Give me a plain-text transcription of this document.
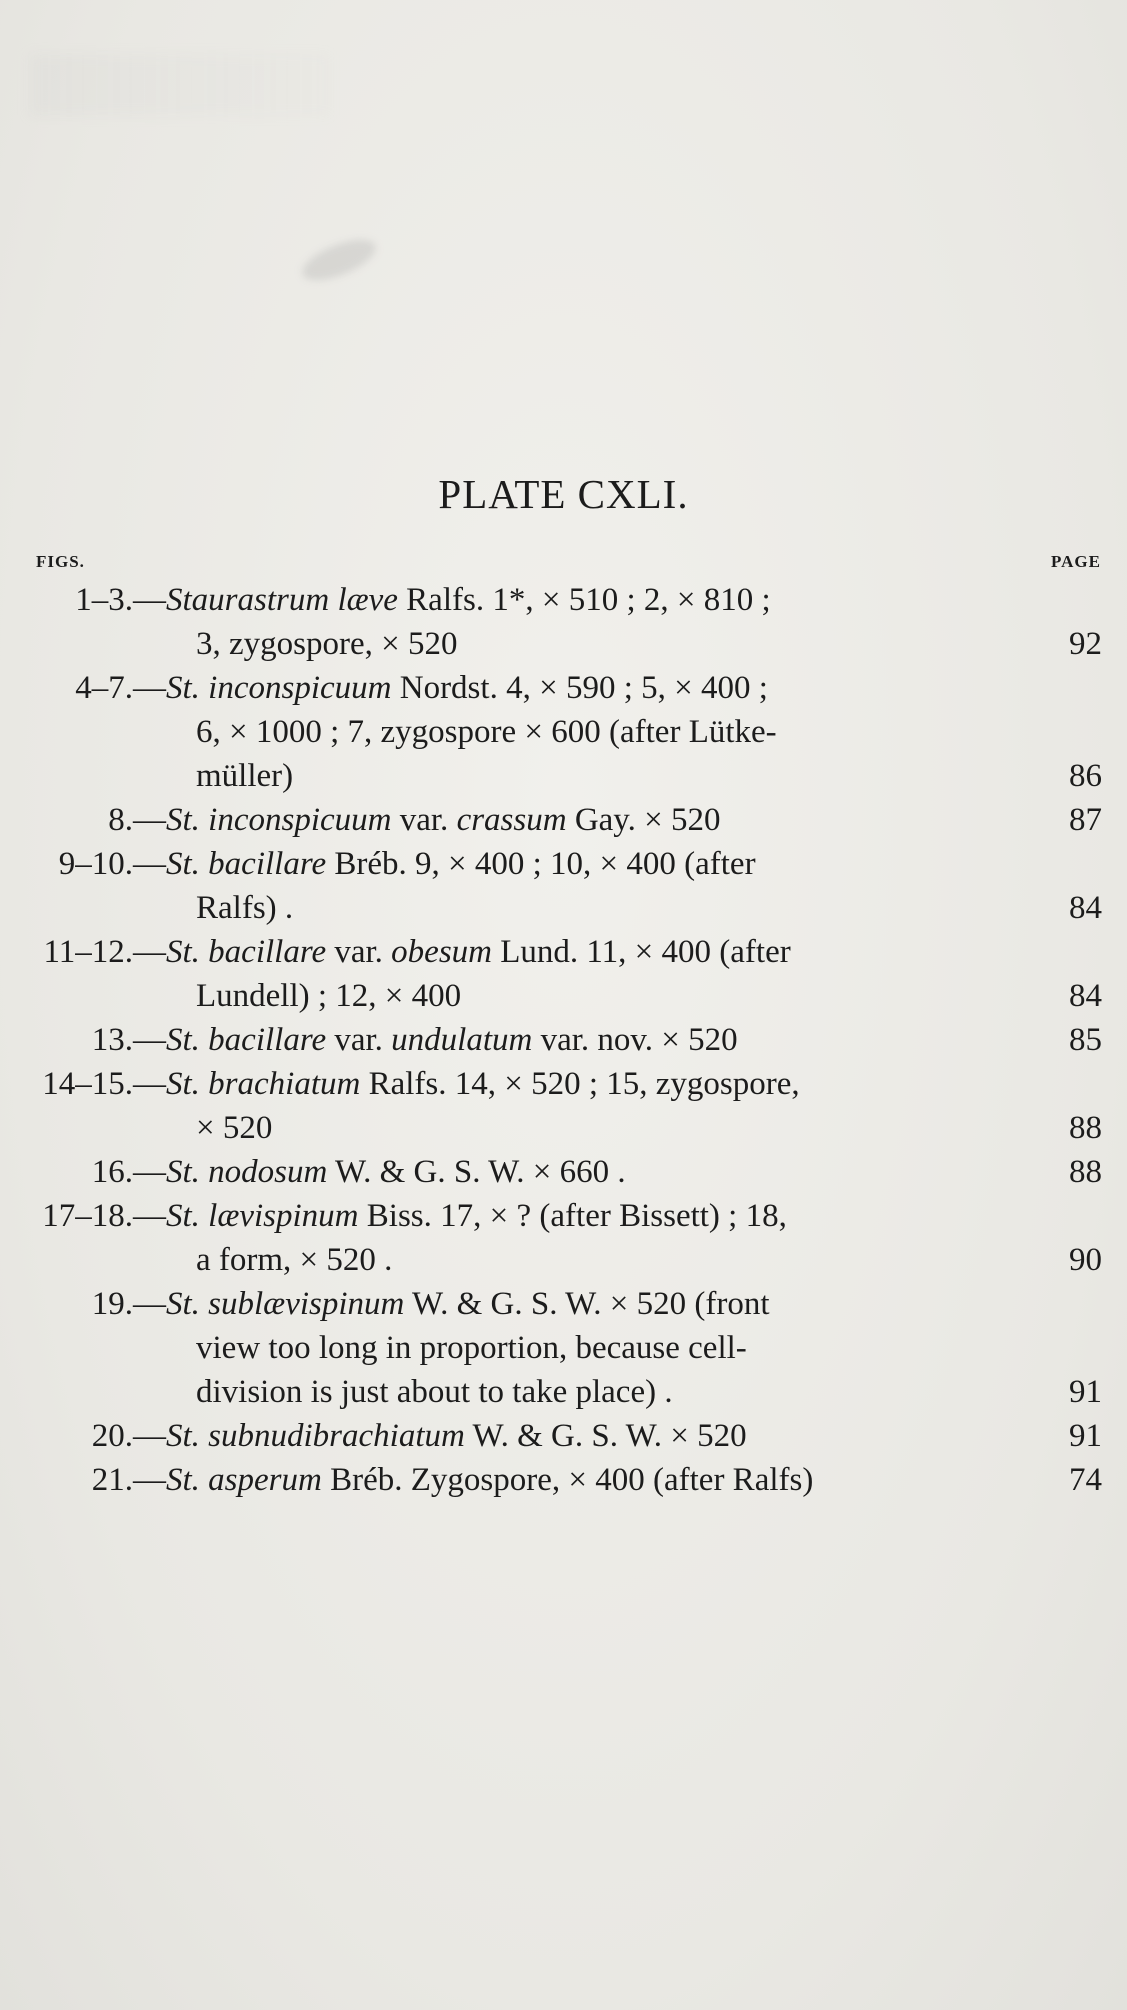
PLATE CXLI.
FIGS.	PAGE
1–3.— Staurastrum læve Ralfs. 1*, × 510 ; 2, × 810 ;
3, zygospore, × 520	92
4–7.— St. inconspicuum Nordst. 4, × 590 ; 5, × 400 ;
6, × 1000 ; 7, zygospore × 600 (after Lütke-
müller)	86
8.— St. inconspicuum var. crassum Gay. × 520	87
9–10.— St. bacillare Bréb. 9, × 400 ; 10, × 400 (after
Ralfs) .	84
11–12.— St. bacillare var. obesum Lund. 11, × 400 (after
Lundell) ; 12, × 400	84
13.— St. bacillare var. undulatum var. nov. × 520	85
14–15.— St. brachiatum Ralfs. 14, × 520 ; 15, zygospore,
× 520	88
16.— St. nodosum W. & G. S. W. × 660 .	88
17–18.— St. lævispinum Biss. 17, × ? (after Bissett) ; 18,
a form, × 520 .	90
19.— St. sublævispinum W. & G. S. W. × 520 (front
view too long in proportion, because cell-
division is just about to take place) .	91
20.— St. subnudibrachiatum W. & G. S. W. × 520	91
21.— St. asperum Bréb. Zygospore, × 400 (after Ralfs)	74
